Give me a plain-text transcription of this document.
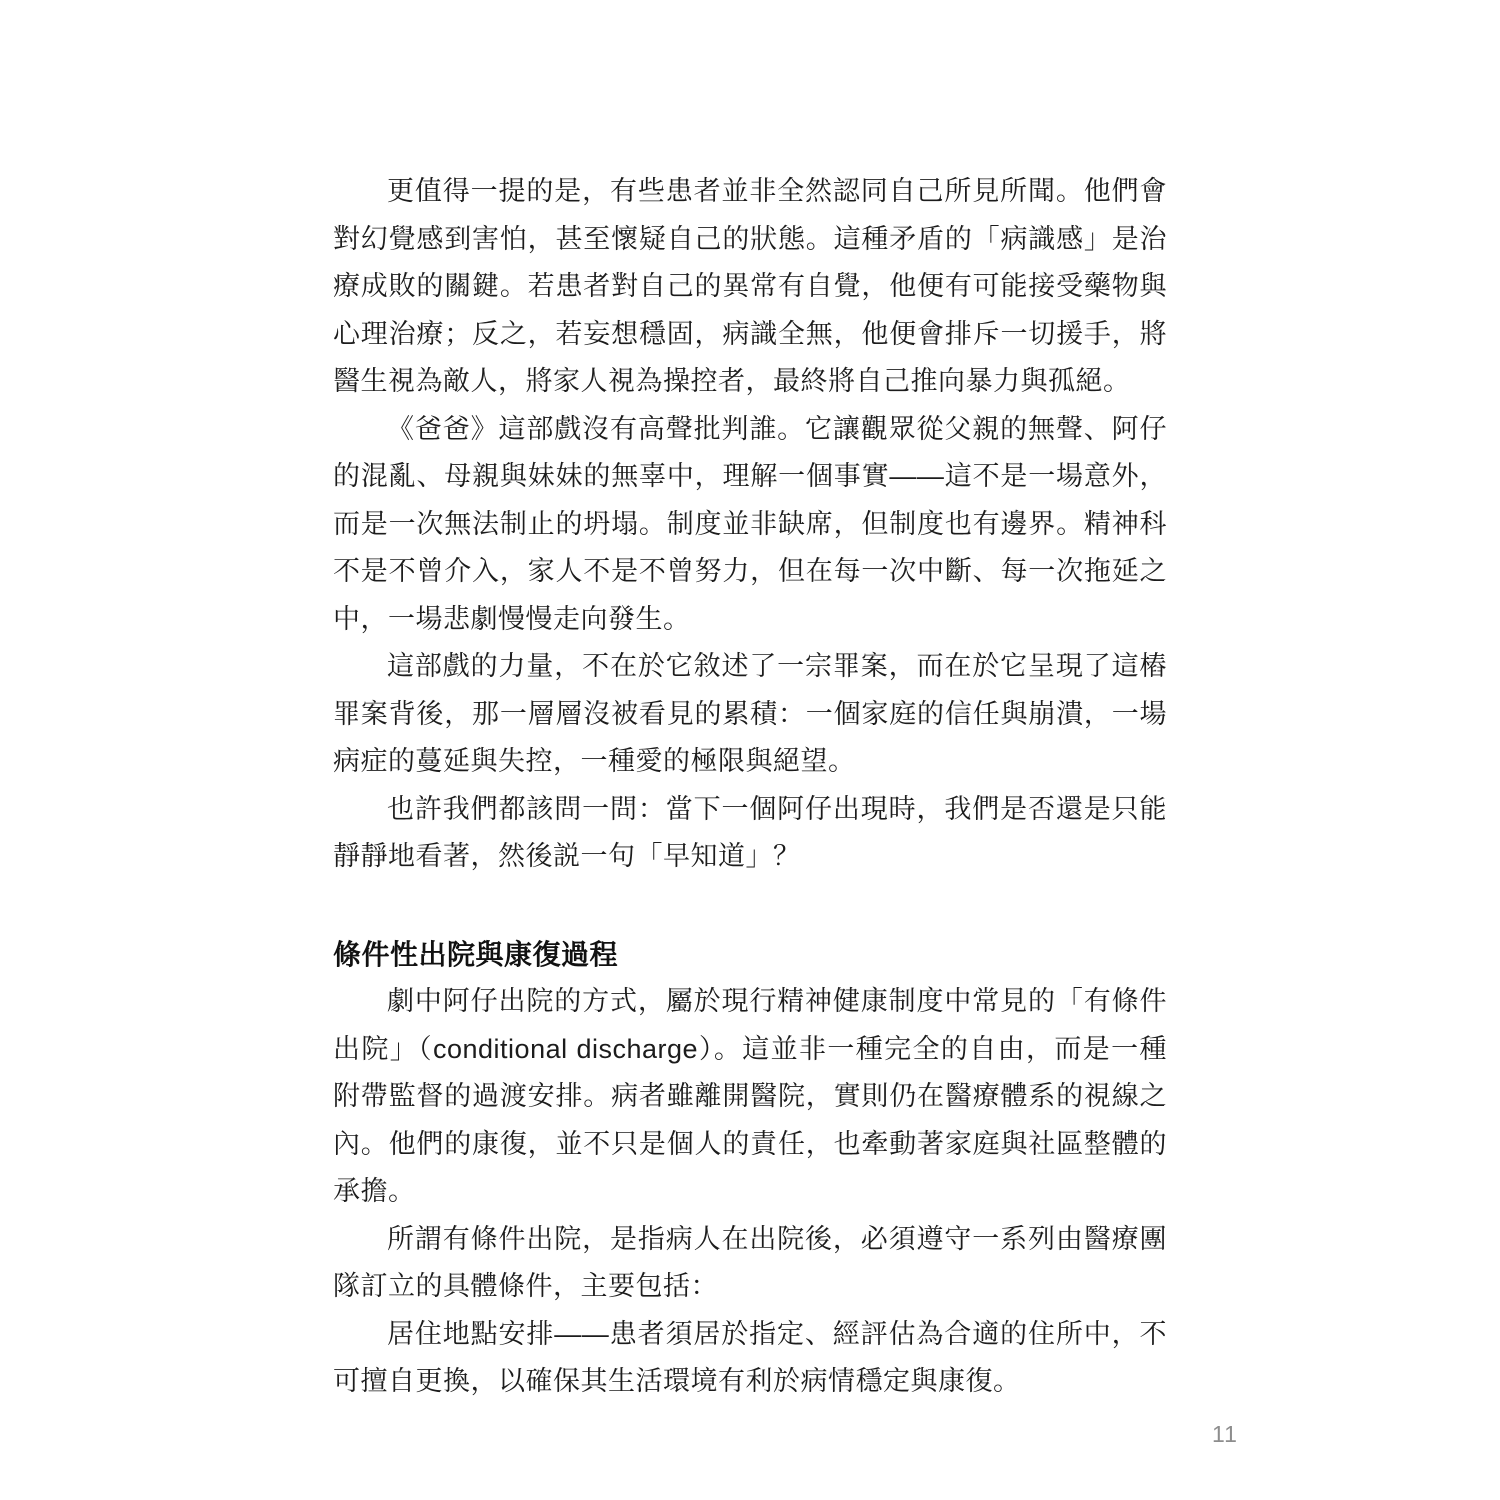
更值得一提的是，有些患者並非全然認同自己所見所聞。他們會對幻覺感到害怕，甚至懷疑自己的狀態。這種矛盾的「病識感」是治療成敗的關鍵。若患者對自己的異常有自覺，他便有可能接受藥物與心理治療；反之，若妄想穩固，病識全無，他便會排斥一切援手，將醫生視為敵人，將家人視為操控者，最終將自己推向暴力與孤絕。

《爸爸》這部戲沒有高聲批判誰。它讓觀眾從父親的無聲、阿仔的混亂、母親與妹妹的無辜中，理解一個事實——這不是一場意外，而是一次無法制止的坍塌。制度並非缺席，但制度也有邊界。精神科不是不曾介入，家人不是不曾努力，但在每一次中斷、每一次拖延之中，一場悲劇慢慢走向發生。

這部戲的力量，不在於它敘述了一宗罪案，而在於它呈現了這樁罪案背後，那一層層沒被看見的累積：一個家庭的信任與崩潰，一場病症的蔓延與失控，一種愛的極限與絕望。

也許我們都該問一問：當下一個阿仔出現時，我們是否還是只能靜靜地看著，然後説一句「早知道」？

條件性出院與康復過程

劇中阿仔出院的方式，屬於現行精神健康制度中常見的「有條件出院」（conditional discharge）。這並非一種完全的自由，而是一種附帶監督的過渡安排。病者雖離開醫院，實則仍在醫療體系的視線之內。他們的康復，並不只是個人的責任，也牽動著家庭與社區整體的承擔。

所謂有條件出院，是指病人在出院後，必須遵守一系列由醫療團隊訂立的具體條件，主要包括：

居住地點安排——患者須居於指定、經評估為合適的住所中，不可擅自更換，以確保其生活環境有利於病情穩定與康復。

11
